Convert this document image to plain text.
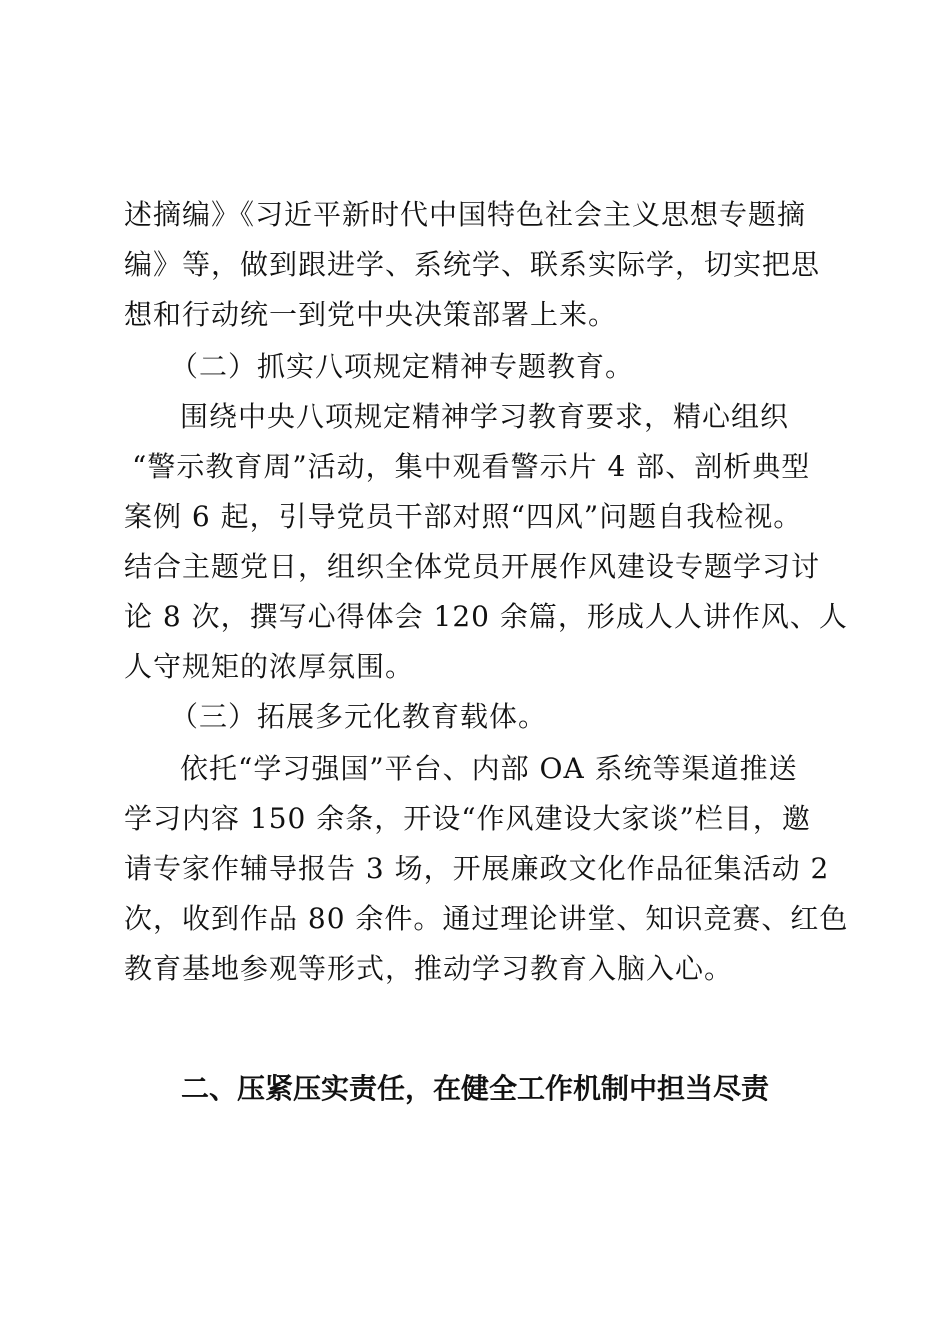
述摘编》《习近平新时代中国特色社会主义思想专题摘
编》等，做到跟进学、系统学、联系实际学，切实把思
想和行动统一到党中央决策部署上来。
（二）抓实八项规定精神专题教育。
围绕中央八项规定精神学习教育要求，精心组织
“警示教育周”活动，集中观看警示片 4 部、剖析典型
案例 6 起，引导党员干部对照“四风”问题自我检视。
结合主题党日，组织全体党员开展作风建设专题学习讨
论 8 次，撰写心得体会 120 余篇，形成人人讲作风、人
人守规矩的浓厚氛围。
（三）拓展多元化教育载体。
依托“学习强国”平台、内部 OA 系统等渠道推送
学习内容 150 余条，开设“作风建设大家谈”栏目，邀
请专家作辅导报告 3 场，开展廉政文化作品征集活动 2
次，收到作品 80 余件。通过理论讲堂、知识竞赛、红色
教育基地参观等形式，推动学习教育入脑入心。
二、压紧压实责任，在健全工作机制中担当尽责
